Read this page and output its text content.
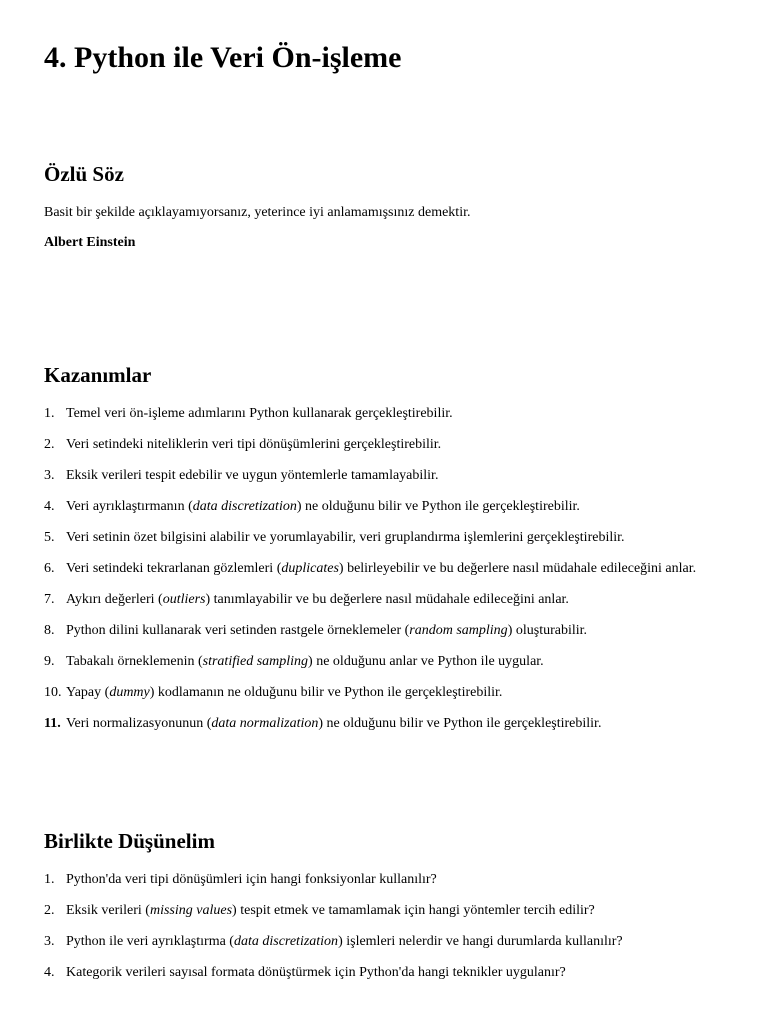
4. Python ile Veri Ön-işleme
Özlü Söz

Basit bir şekilde açıklayamıyorsanız, yeterince iyi anlamamışsınız demektir.

Albert Einstein

Kazanımlar
1. Temel veri ön-işleme adımlarını Python kullanarak gerçekleştirebilir.
2. Veri setindeki niteliklerin veri tipi dönüşümlerini gerçekleştirebilir.
3. Eksik verileri tespit edebilir ve uygun yöntemlerle tamamlayabilir.
4. Veri ayrıklaştırmanın (data discretization) ne olduğunu bilir ve Python ile gerçekleştirebilir.
5. Veri setinin özet bilgisini alabilir ve yorumlayabilir, veri gruplandırma işlemlerini gerçekleştirebilir.
6. Veri setindeki tekrarlanan gözlemleri (duplicates) belirleyebilir ve bu değerlere nasıl müdahale edileceğini anlar.
7. Aykırı değerleri (outliers) tanımlayabilir ve bu değerlere nasıl müdahale edileceğini anlar.
8. Python dilini kullanarak veri setinden rastgele örneklemeler (random sampling) oluşturabilir.
9. Tabakalı örneklemenin (stratified sampling) ne olduğunu anlar ve Python ile uygular.
10. Yapay (dummy) kodlamanın ne olduğunu bilir ve Python ile gerçekleştirebilir.
11. Veri normalizasyonunun (data normalization) ne olduğunu bilir ve Python ile gerçekleştirebilir.
Birlikte Düşünelim
1. Python'da veri tipi dönüşümleri için hangi fonksiyonlar kullanılır?
2. Eksik verileri (missing values) tespit etmek ve tamamlamak için hangi yöntemler tercih edilir?
3. Python ile veri ayrıklaştırma (data discretization) işlemleri nelerdir ve hangi durumlarda kullanılır?
4. Kategorik verileri sayısal formata dönüştürmek için Python'da hangi teknikler uygulanır?
